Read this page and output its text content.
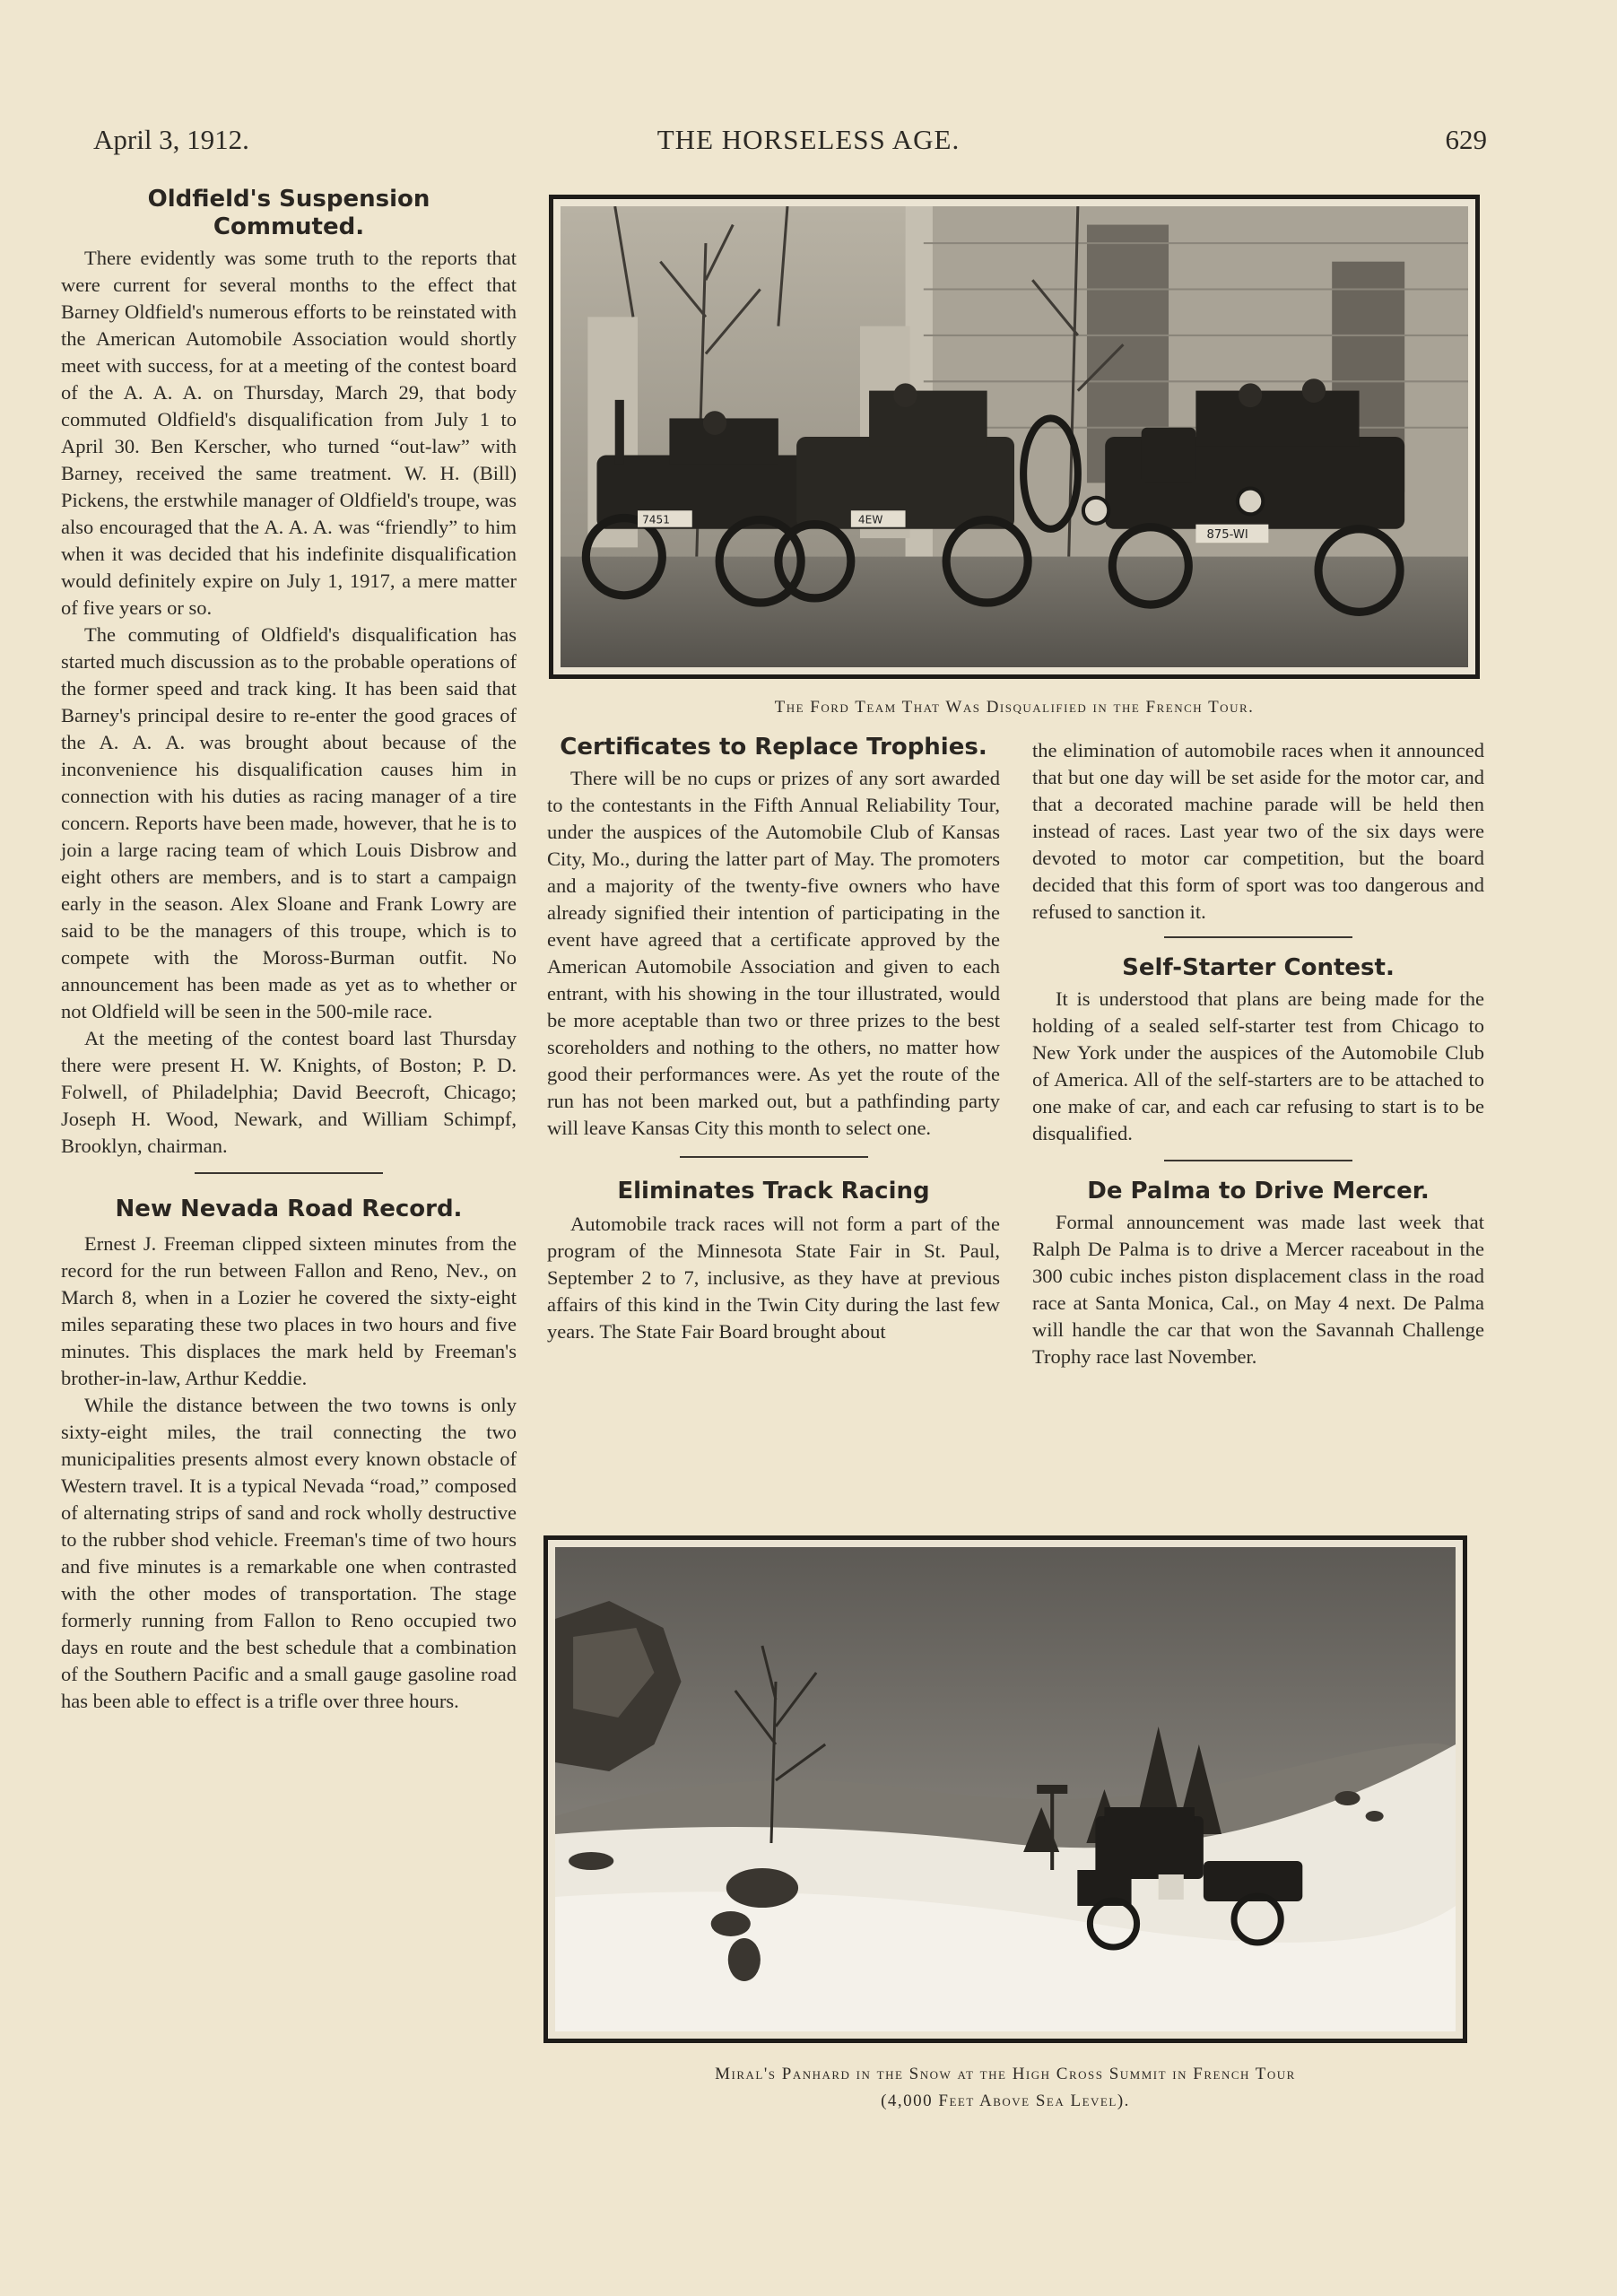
April 3, 1912.	THE HORSELESS AGE.	629
Oldfield's Suspension Commuted.

There evidently was some truth to the reports that were current for several months to the effect that Barney Oldfield's numerous efforts to be reinstated with the American Automobile Association would shortly meet with success, for at a meeting of the contest board of the A. A. A. on Thursday, March 29, that body commuted Oldfield's disqualification from July 1 to April 30. Ben Kerscher, who turned “out-law” with Barney, received the same treatment. W. H. (Bill) Pickens, the erstwhile manager of Oldfield's troupe, was also encouraged that the A. A. A. was “friendly” to him when it was decided that his indefinite disqualification would definitely expire on July 1, 1917, a mere matter of five years or so.

The commuting of Oldfield's disqualification has started much discussion as to the probable operations of the former speed and track king. It has been said that Barney's principal desire to re-enter the good graces of the A. A. A. was brought about because of the inconvenience his disqualification causes him in connection with his duties as racing manager of a tire concern. Reports have been made, however, that he is to join a large racing team of which Louis Disbrow and eight others are members, and is to start a campaign early in the season. Alex Sloane and Frank Lowry are said to be the managers of this troupe, which is to compete with the Moross-Burman outfit. No announcement has been made as yet as to whether or not Oldfield will be seen in the 500-mile race.

At the meeting of the contest board last Thursday there were present H. W. Knights, of Boston; P. D. Folwell, of Philadelphia; David Beecroft, Chicago; Joseph H. Wood, Newark, and William Schimpf, Brooklyn, chairman.

New Nevada Road Record.

Ernest J. Freeman clipped sixteen minutes from the record for the run between Fallon and Reno, Nev., on March 8, when in a Lozier he covered the sixty-eight miles separating these two places in two hours and five minutes. This displaces the mark held by Freeman's brother-in-law, Arthur Keddie.

While the distance between the two towns is only sixty-eight miles, the trail connecting the two municipalities presents almost every known obstacle of Western travel. It is a typical Nevada “road,” composed of alternating strips of sand and rock wholly destructive to the rubber shod vehicle. Freeman's time of two hours and five minutes is a remarkable one when contrasted with the other modes of transportation. The stage formerly running from Fallon to Reno occupied two days en route and the best schedule that a combination of the Southern Pacific and a small gauge gasoline road has been able to effect is a trifle over three hours.

7451	4EW
875-WI
The Ford Team That Was Disqualified in the French Tour.
Certificates to Replace Trophies.

There will be no cups or prizes of any sort awarded to the contestants in the Fifth Annual Reliability Tour, under the auspices of the Automobile Club of Kansas City, Mo., during the latter part of May. The promoters and a majority of the twenty-five owners who have already signified their intention of participating in the event have agreed that a certificate approved by the American Automobile Association and given to each entrant, with his showing in the tour illustrated, would be more aceptable than two or three prizes to the best scoreholders and nothing to the others, no matter how good their performances were. As yet the route of the run has not been marked out, but a pathfinding party will leave Kansas City this month to select one.

Eliminates Track Racing

Automobile track races will not form a part of the program of the Minnesota State Fair in St. Paul, September 2 to 7, inclusive, as they have at previous affairs of this kind in the Twin City during the last few years. The State Fair Board brought about

the elimination of automobile races when it announced that but one day will be set aside for the motor car, and that a decorated machine parade will be held then instead of races. Last year two of the six days were devoted to motor car competition, but the board decided that this form of sport was too dangerous and refused to sanction it.

Self-Starter Contest.

It is understood that plans are being made for the holding of a sealed self-starter test from Chicago to New York under the auspices of the Automobile Club of America. All of the self-starters are to be attached to one make of car, and each car refusing to start is to be disqualified.

De Palma to Drive Mercer.

Formal announcement was made last week that Ralph De Palma is to drive a Mercer raceabout in the 300 cubic inches piston displacement class in the road race at Santa Monica, Cal., on May 4 next. De Palma will handle the car that won the Savannah Challenge Trophy race last November.

Miral's Panhard in the Snow at the High Cross Summit in French Tour
(4,000 Feet Above Sea Level).
